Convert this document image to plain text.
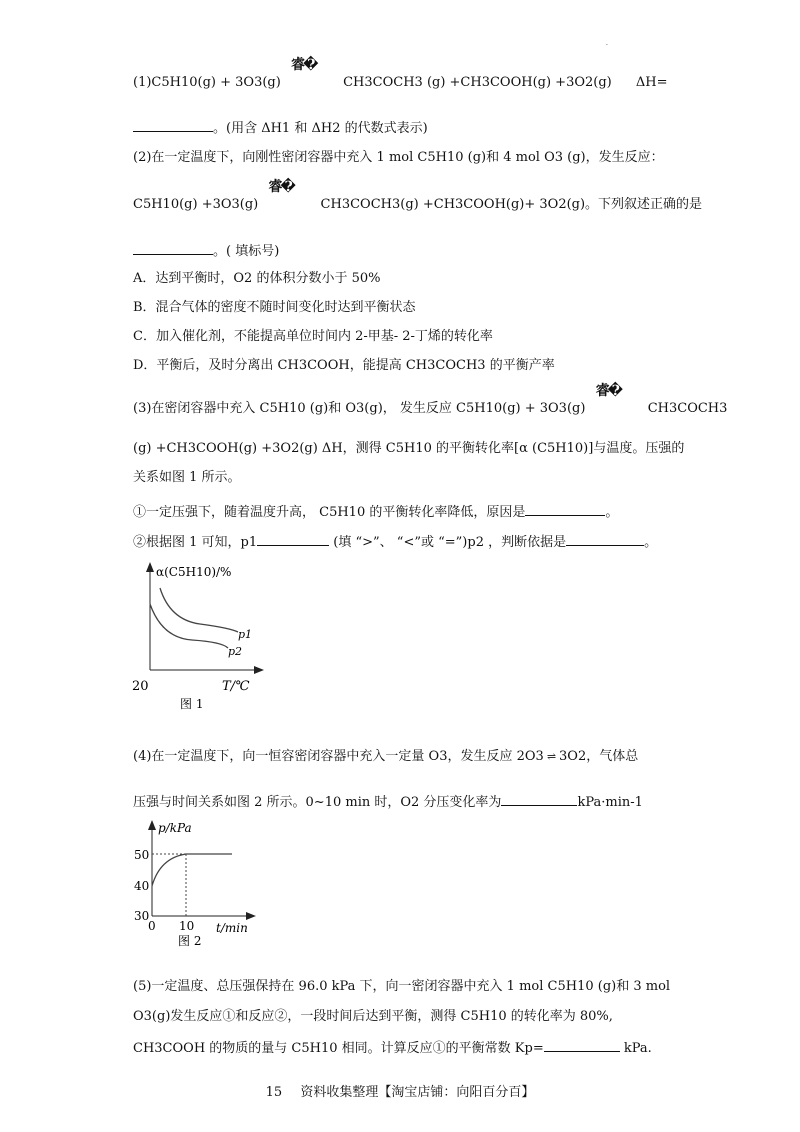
·
(1)C5H10(g) + 3O3(g)
睿�
CH3COCH3 (g) +CH3COOH(g) +3O2(g) ΔH=
。(用含 ΔH1 和 ΔH2 的代数式表示)
(2)在一定温度下，向刚性密闭容器中充入 1 mol C5H10 (g)和 4 mol O3 (g)，发生反应：
C5H10(g) +3O3(g)
睿�
CH3COCH3(g) +CH3COOH(g)+ 3O2(g)。下列叙述正确的是
。( 填标号)
A．达到平衡时，O2 的体积分数小于 50%
B．混合气体的密度不随时间变化时达到平衡状态
C．加入催化剂，不能提高单位时间内 2-甲基- 2-丁烯的转化率
D．平衡后，及时分离出 CH3COOH，能提高 CH3COCH3 的平衡产率
(3)在密闭容器中充入 C5H10 (g)和 O3(g)， 发生反应 C5H10(g) + 3O3(g)
睿�
CH3COCH3
(g) +CH3COOH(g) +3O2(g) ΔH，测得 C5H10 的平衡转化率[α (C5H10)]与温度。压强的
关系如图 1 所示。
①一定压强下，随着温度升高， C5H10 的平衡转化率降低，原因是	。
②根据图 1 可知，p1	(填 “>”、 “<”或 “=”)p2 ，判断依据是	。
α(C5H10)/%
p1
p2
20	T/℃
图 1
(4)在一定温度下，向一恒容密闭容器中充入一定量 O3，发生反应 2O3 ⇌ 3O2，气体总
压强与时间关系如图 2 所示。0~10 min 时，O2 分压变化率为	kPa·min-1
p/kPa
50
40
30
0 10 t/min
图 2
(5)一定温度、总压强保持在 96.0 kPa 下，向一密闭容器中充入 1 mol C5H10 (g)和 3 mol
O3(g)发生反应①和反应②，一段时间后达到平衡，测得 C5H10 的转化率为 80%,
CH3COOH 的物质的量与 C5H10 相同。计算反应①的平衡常数 Kp=	kPa.
15 资料收集整理【淘宝店铺：向阳百分百】
